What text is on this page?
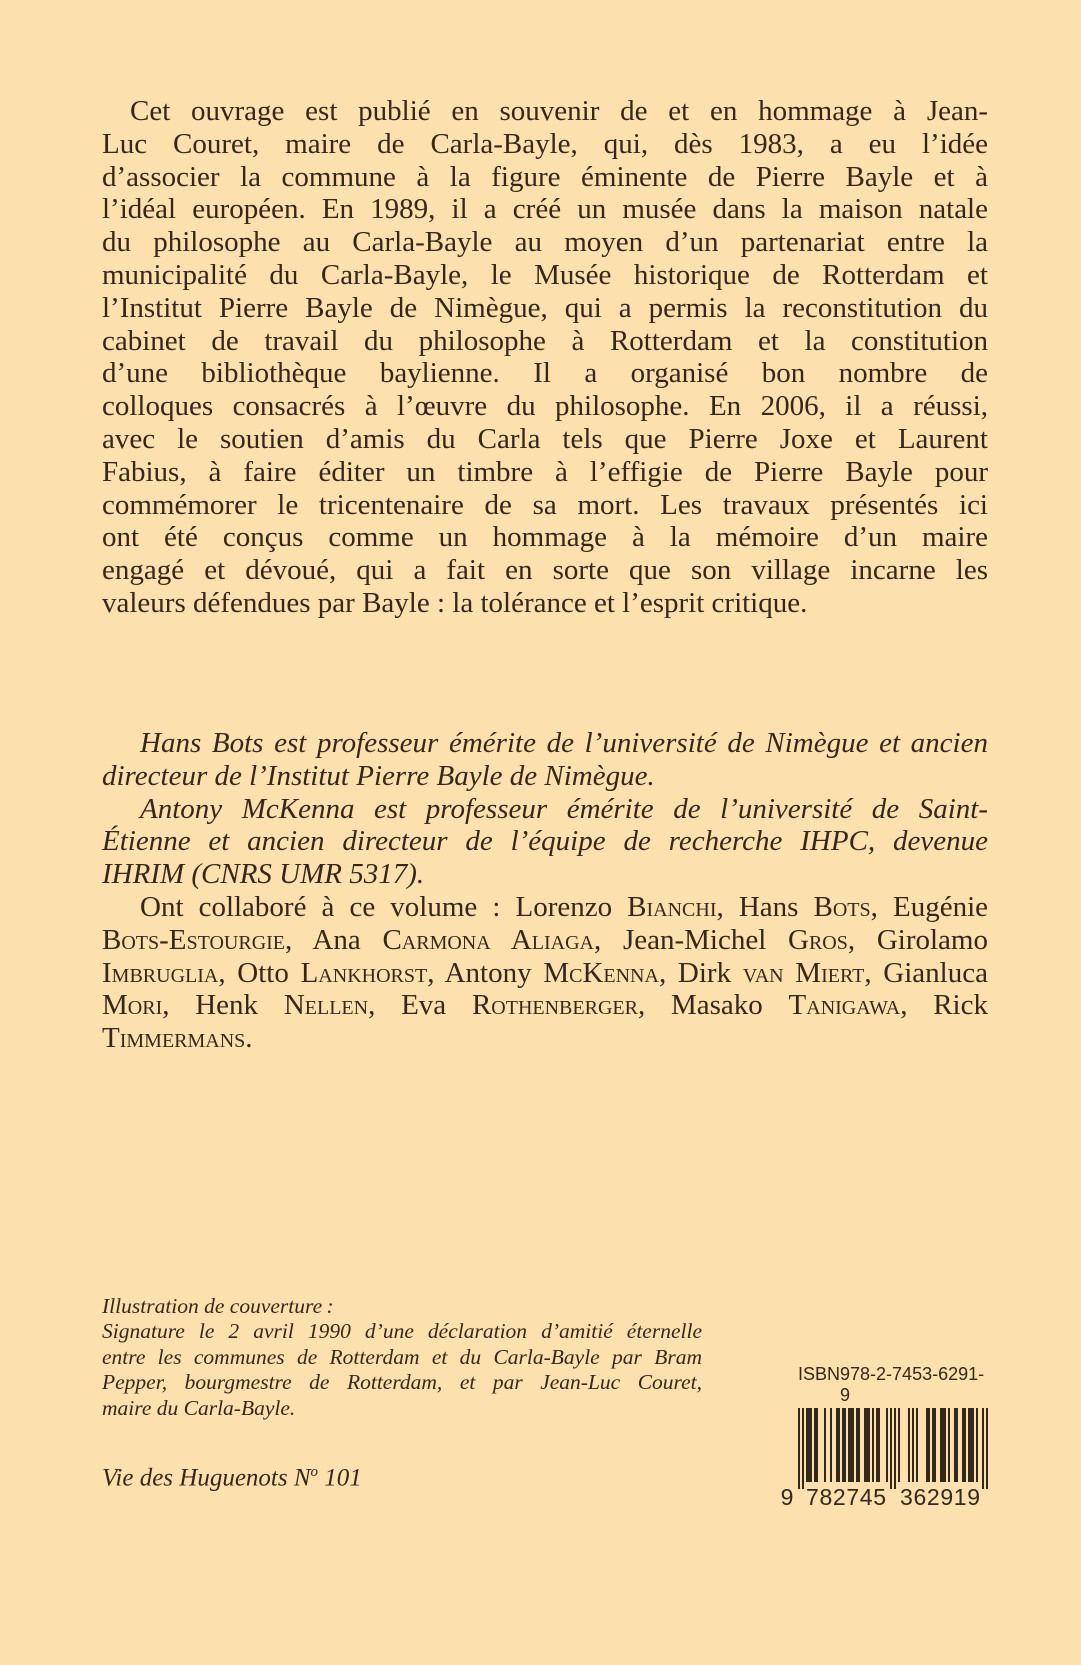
Cet ouvrage est publié en souvenir de et en hommage à Jean-
Luc Couret, maire de Carla-Bayle, qui, dès 1983, a eu l’idée
d’associer la commune à la figure éminente de Pierre Bayle et à
l’idéal européen. En 1989, il a créé un musée dans la maison natale
du philosophe au Carla-Bayle au moyen d’un partenariat entre la
municipalité du Carla-Bayle, le Musée historique de Rotterdam et
l’Institut Pierre Bayle de Nimègue, qui a permis la reconstitution du
cabinet de travail du philosophe à Rotterdam et la constitution
d’une bibliothèque baylienne. Il a organisé bon nombre de
colloques consacrés à l’œuvre du philosophe. En 2006, il a réussi,
avec le soutien d’amis du Carla tels que Pierre Joxe et Laurent
Fabius, à faire éditer un timbre à l’effigie de Pierre Bayle pour
commémorer le tricentenaire de sa mort. Les travaux présentés ici
ont été conçus comme un hommage à la mémoire d’un maire
engagé et dévoué, qui a fait en sorte que son village incarne les
valeurs défendues par Bayle : la tolérance et l’esprit critique.
Hans Bots est professeur émérite de l’université de Nimègue et ancien
directeur de l’Institut Pierre Bayle de Nimègue.
Antony McKenna est professeur émérite de l’université de Saint-
Étienne et ancien directeur de l’équipe de recherche IHPC, devenue
IHRIM (CNRS UMR 5317).
Ont collaboré à ce volume : Lorenzo Bianchi, Hans Bots, Eugénie
Bots-Estourgie, Ana Carmona Aliaga, Jean-Michel Gros, Girolamo
Imbruglia, Otto Lankhorst, Antony McKenna, Dirk van Miert, Gianluca
Mori, Henk Nellen, Eva Rothenberger, Masako Tanigawa, Rick
Timmermans.
Illustration de couverture :
Signature le 2 avril 1990 d’une déclaration d’amitié éternelle
entre les communes de Rotterdam et du Carla-Bayle par Bram
Pepper, bourgmestre de Rotterdam, et par Jean-Luc Couret,
maire du Carla-Bayle.
Vie des Huguenots $N^o$ 101
ISBN 978-2-7453-6291-9
9 782745 362919
